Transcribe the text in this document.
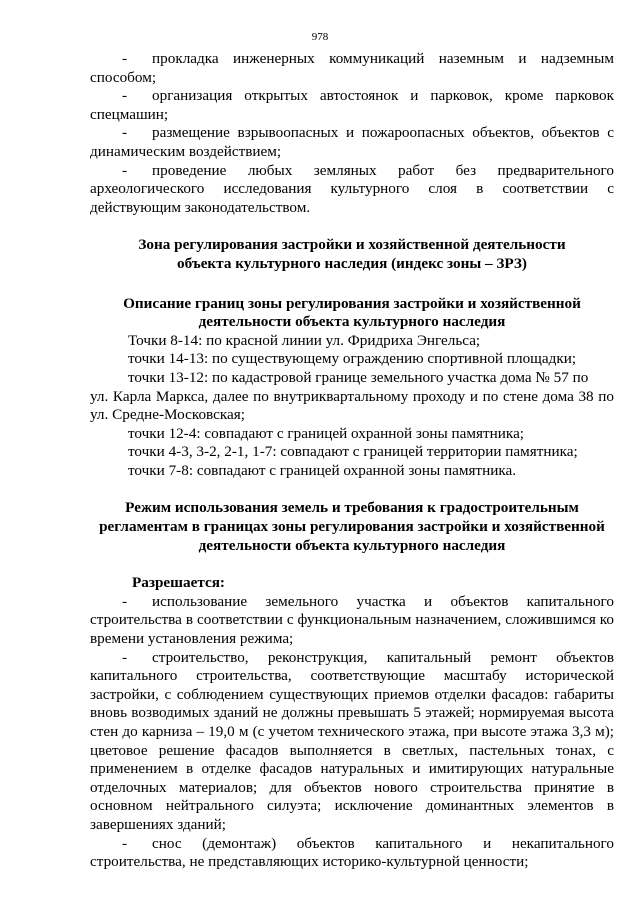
978

- прокладка инженерных коммуникаций наземным и надземным способом;

- организация открытых автостоянок и парковок, кроме парковок спецмашин;

- размещение взрывоопасных и пожароопасных объектов, объектов с динамическим воздействием;

- проведение любых земляных работ без предварительного археологического исследования культурного слоя в соответствии с действующим законодательством.

Зона регулирования застройки и хозяйственной деятельности

объекта культурного наследия (индекс зоны – ЗРЗ)

Описание границ зоны регулирования застройки и хозяйственной

деятельности объекта культурного наследия

Точки 8-14: по красной линии ул. Фридриха Энгельса;

точки 14-13: по существующему ограждению спортивной площадки;

точки 13-12: по кадастровой границе земельного участка дома № 57 по

ул. Карла Маркса, далее по внутриквартальному проходу и по стене дома 38 по ул. Средне-Московская;

точки 12-4: совпадают с границей охранной зоны памятника;

точки 4-3, 3-2, 2-1, 1-7: совпадают с границей территории памятника;

точки 7-8: совпадают с границей охранной зоны памятника.

Режим использования земель и требования к градостроительным

регламентам в границах зоны регулирования застройки и хозяйственной

деятельности объекта культурного наследия

Разрешается:

- использование земельного участка и объектов капитального строительства в соответствии с функциональным назначением, сложившимся ко времени установления режима;

- строительство, реконструкция, капитальный ремонт объектов капитального строительства, соответствующие масштабу исторической застройки, с соблюдением существующих приемов отделки фасадов: габариты вновь возводимых зданий не должны превышать 5 этажей; нормируемая высота стен до карниза – 19,0 м (с учетом технического этажа, при высоте этажа 3,3 м); цветовое решение фасадов выполняется в светлых, пастельных тонах, с применением в отделке фасадов натуральных и имитирующих натуральные отделочных материалов; для объектов нового строительства принятие в основном нейтрального силуэта; исключение доминантных элементов в завершениях зданий;

- снос (демонтаж) объектов капитального и некапитального строительства, не представляющих историко-культурной ценности;
